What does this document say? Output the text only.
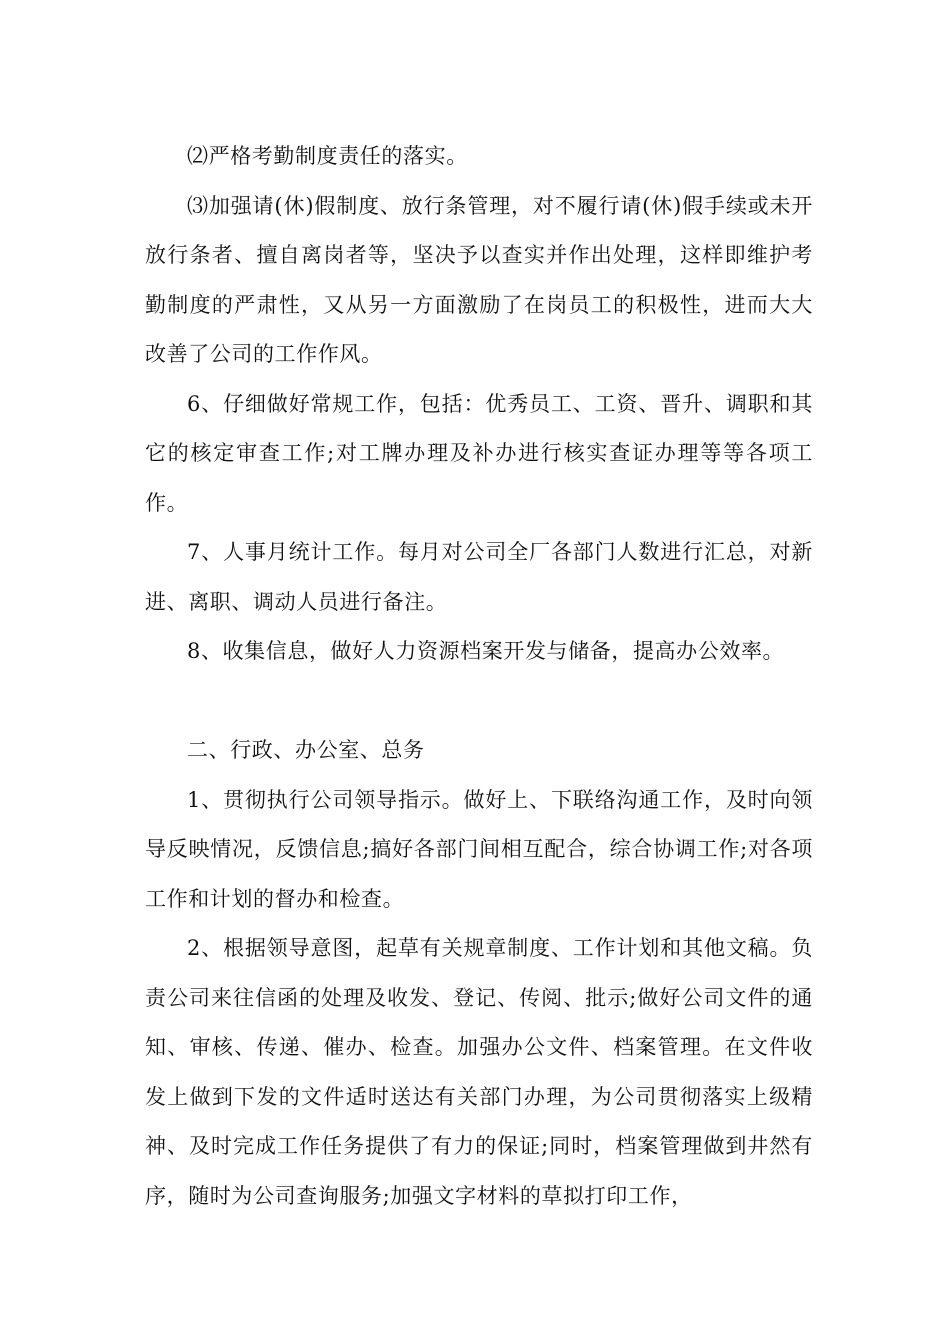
⑵严格考勤制度责任的落实。

⑶加强请(休)假制度、放行条管理，对不履行请(休)假手续或未开放行条者、擅自离岗者等，坚决予以查实并作出处理，这样即维护考勤制度的严肃性，又从另一方面激励了在岗员工的积极性，进而大大改善了公司的工作作风。

6、仔细做好常规工作，包括：优秀员工、工资、晋升、调职和其它的核定审查工作;对工牌办理及补办进行核实查证办理等等各项工作。

7、人事月统计工作。每月对公司全厂各部门人数进行汇总，对新进、离职、调动人员进行备注。

8、收集信息，做好人力资源档案开发与储备，提高办公效率。

二、行政、办公室、总务

1、贯彻执行公司领导指示。做好上、下联络沟通工作，及时向领导反映情况，反馈信息;搞好各部门间相互配合，综合协调工作;对各项工作和计划的督办和检查。

2、根据领导意图，起草有关规章制度、工作计划和其他文稿。负责公司来往信函的处理及收发、登记、传阅、批示;做好公司文件的通知、审核、传递、催办、检查。加强办公文件、档案管理。在文件收发上做到下发的文件适时送达有关部门办理，为公司贯彻落实上级精神、及时完成工作任务提供了有力的保证;同时，档案管理做到井然有序，随时为公司查询服务;加强文字材料的草拟打印工作，
